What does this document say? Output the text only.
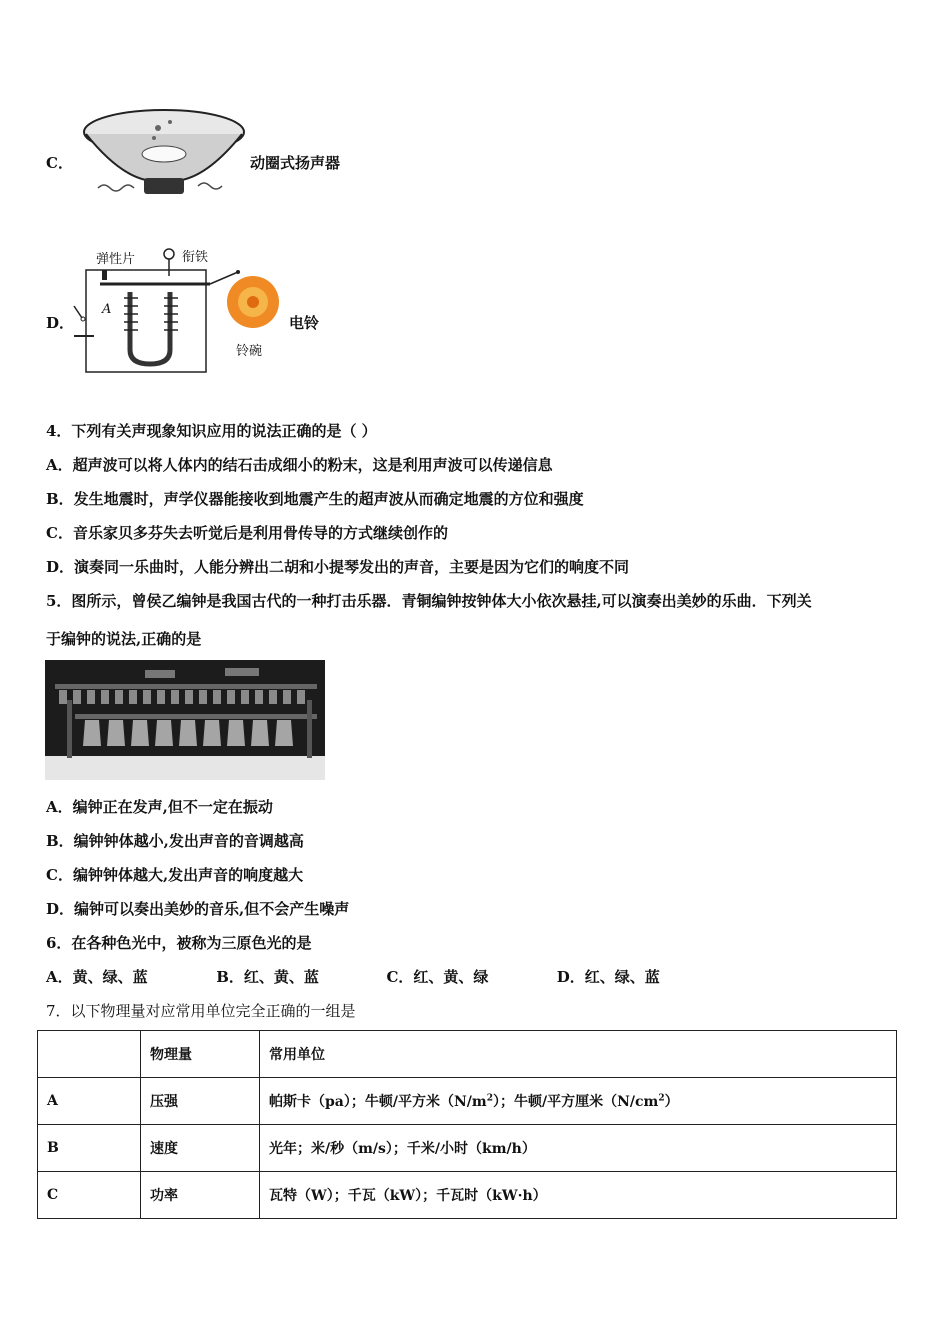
C．	动圈式扬声器
D．
弹性片	衔铁
A
铃碗
电铃
4．下列有关声现象知识应用的说法正确的是（ ）
A．超声波可以将人体内的结石击成细小的粉末，这是利用声波可以传递信息
B．发生地震时，声学仪器能接收到地震产生的超声波从而确定地震的方位和强度
C．音乐家贝多芬失去听觉后是利用骨传导的方式继续创作的
D．演奏同一乐曲时，人能分辨出二胡和小提琴发出的声音，主要是因为它们的响度不同
5．图所示，曾侯乙编钟是我国古代的一种打击乐器．青铜编钟按钟体大小依次悬挂,可以演奏出美妙的乐曲．下列关
于编钟的说法,正确的是
A．编钟正在发声,但不一定在振动
B．编钟钟体越小,发出声音的音调越高
C．编钟钟体越大,发出声音的响度越大
D．编钟可以奏出美妙的音乐,但不会产生噪声
6．在各种色光中，被称为三原色光的是
A．黄、绿、蓝	B．红、黄、蓝	C．红、黄、绿	D．红、绿、蓝
7．以下物理量对应常用单位完全正确的一组是
	物理量	常用单位
A	压强	帕斯卡（pa）；牛顿/平方米$(N/m^2)$；牛顿/平方厘米$(N/cm^2)$
B	速度	光年；米/秒（m/s）；千米/小时（km/h）
C	功率	瓦特（W）；千瓦（kW）；千瓦时（kW·h）
